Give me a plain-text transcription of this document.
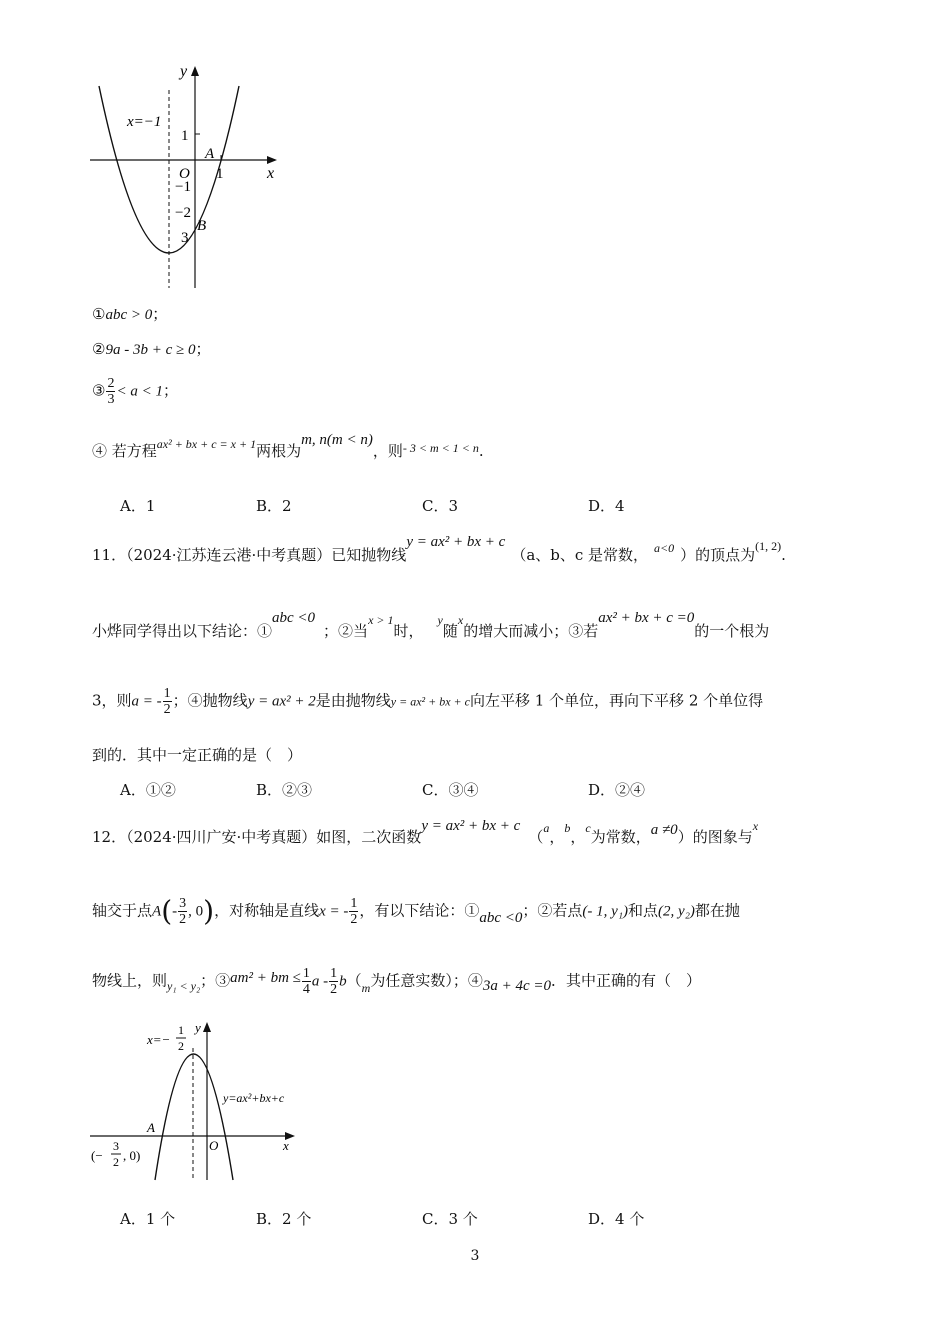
y
x
x=−1
1
O 1
A
−1
−2
B
3
①abc > 0；
②9a - 3b + c ≥ 0；
③ $\frac{2}{3} < a < 1$；
④ 若方程$^{ax^2 + bx + c = x + 1}$两根为m, n(m < n)，则$^{- 3 < m < 1 < n}$.
A．1	B．2	C．3	D．4
11．（2024·江苏连云港·中考真题）已知抛物线y = ax² + bx + c（a、b、c 是常数， $^{a<0}$ ）的顶点为$^{(1, 2)}$.
小烨同学得出以下结论：①abc <0；②当$^{x > 1}$时，$^y$随$^x$的增大而减小；③若ax² + bx + c =0的一个根为
3，则a = - $\frac{1}{2}$ ；④抛物线y = ax² + 2是由抛物线y = ax² + bx + c向左平移 1 个单位，再向下平移 2 个单位得
到的．其中一定正确的是（　）
A．①②	B．②③	C．③④	D．②④
12．（2024·四川广安·中考真题）如图，二次函数y = ax² + bx + c（$^a$，$^b$，$^c$为常数，a ≠0）的图象与$^x$
轴交于点$A(- \frac{3}{2}$ , 0)，对称轴是直线x = - $\frac{1}{2}$ ，有以下结论：①abc <0；②若点(- 1, y₁)和点(2, y₂)都在抛
物线上，则$_{y_1 < y_2}$；③am² + bm ≤ $\frac{1}{4}$ a - $\frac{1}{2} b(_m$为任意实数）；④3a + 4c =0．其中正确的有（　）
x=−
1
2
y
y=ax²+bx+c
A
O	x
(−
3
2 , 0)
A．1 个	B．2 个	C．3 个	D．4 个
3
